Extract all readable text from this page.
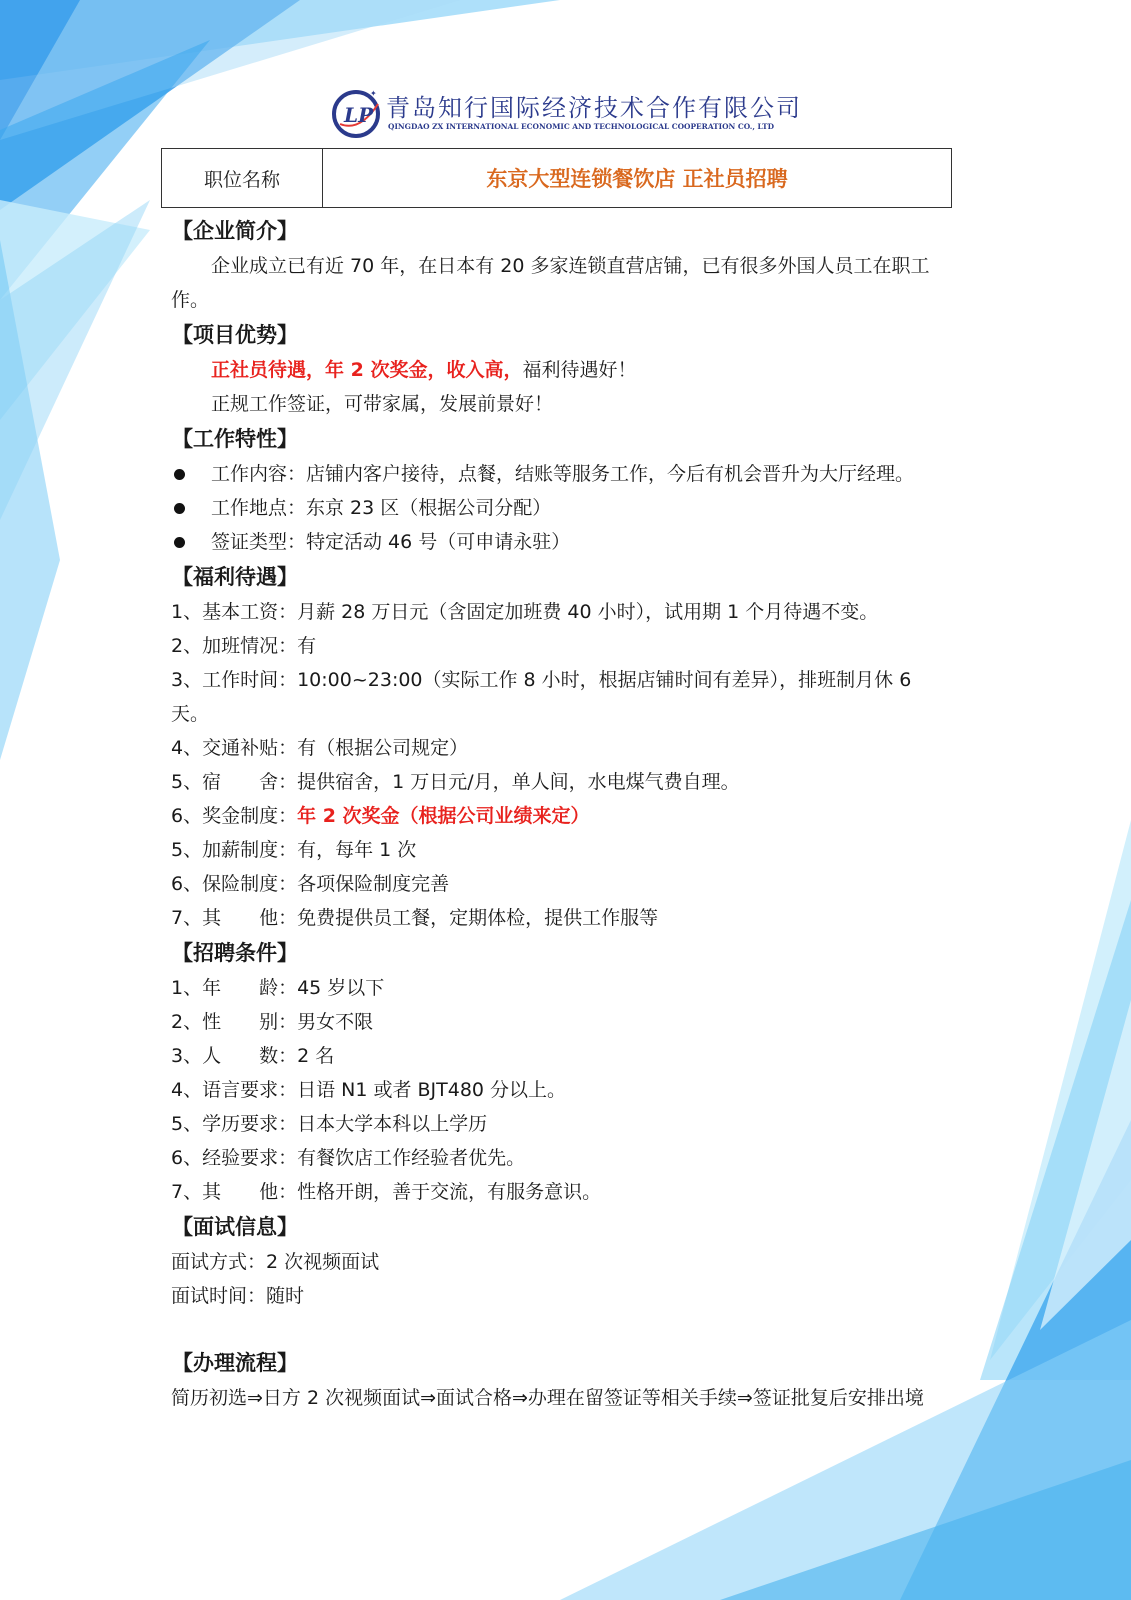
LP
✦
青岛知行国际经济技术合作有限公司
QINGDAO ZX INTERNATIONAL ECONOMIC AND TECHNOLOGICAL COOPERATION CO., LTD
职位名称	东京大型连锁餐饮店 正社员招聘
【企业简介】
企业成立已有近 70 年，在日本有 20 多家连锁直营店铺，已有很多外国人员工在职工作。
【项目优势】
正社员待遇，年 2 次奖金，收入高，福利待遇好！
正规工作签证，可带家属，发展前景好！
【工作特性】
工作内容：店铺内客户接待，点餐，结账等服务工作，今后有机会晋升为大厅经理。
工作地点：东京 23 区（根据公司分配）
签证类型：特定活动 46 号（可申请永驻）
【福利待遇】
1、基本工资：月薪 28 万日元（含固定加班费 40 小时），试用期 1 个月待遇不变。
2、加班情况：有
3、工作时间：10:00~23:00（实际工作 8 小时，根据店铺时间有差异），排班制月休 6
天。
4、交通补贴：有（根据公司规定）
5、宿　　舍：提供宿舍，1 万日元/月，单人间，水电煤气费自理。
6、奖金制度：年 2 次奖金（根据公司业绩来定）
5、加薪制度：有，每年 1 次
6、保险制度：各项保险制度完善
7、其　　他：免费提供员工餐，定期体检，提供工作服等
【招聘条件】
1、年　　龄：45 岁以下
2、性　　别：男女不限
3、人　　数：2 名
4、语言要求：日语 N1 或者 BJT480 分以上。
5、学历要求：日本大学本科以上学历
6、经验要求：有餐饮店工作经验者优先。
7、其　　他：性格开朗，善于交流，有服务意识。
【面试信息】
面试方式：2 次视频面试
面试时间：随时
【办理流程】
简历初选⇒日方 2 次视频面试⇒面试合格⇒办理在留签证等相关手续⇒签证批复后安排出境
